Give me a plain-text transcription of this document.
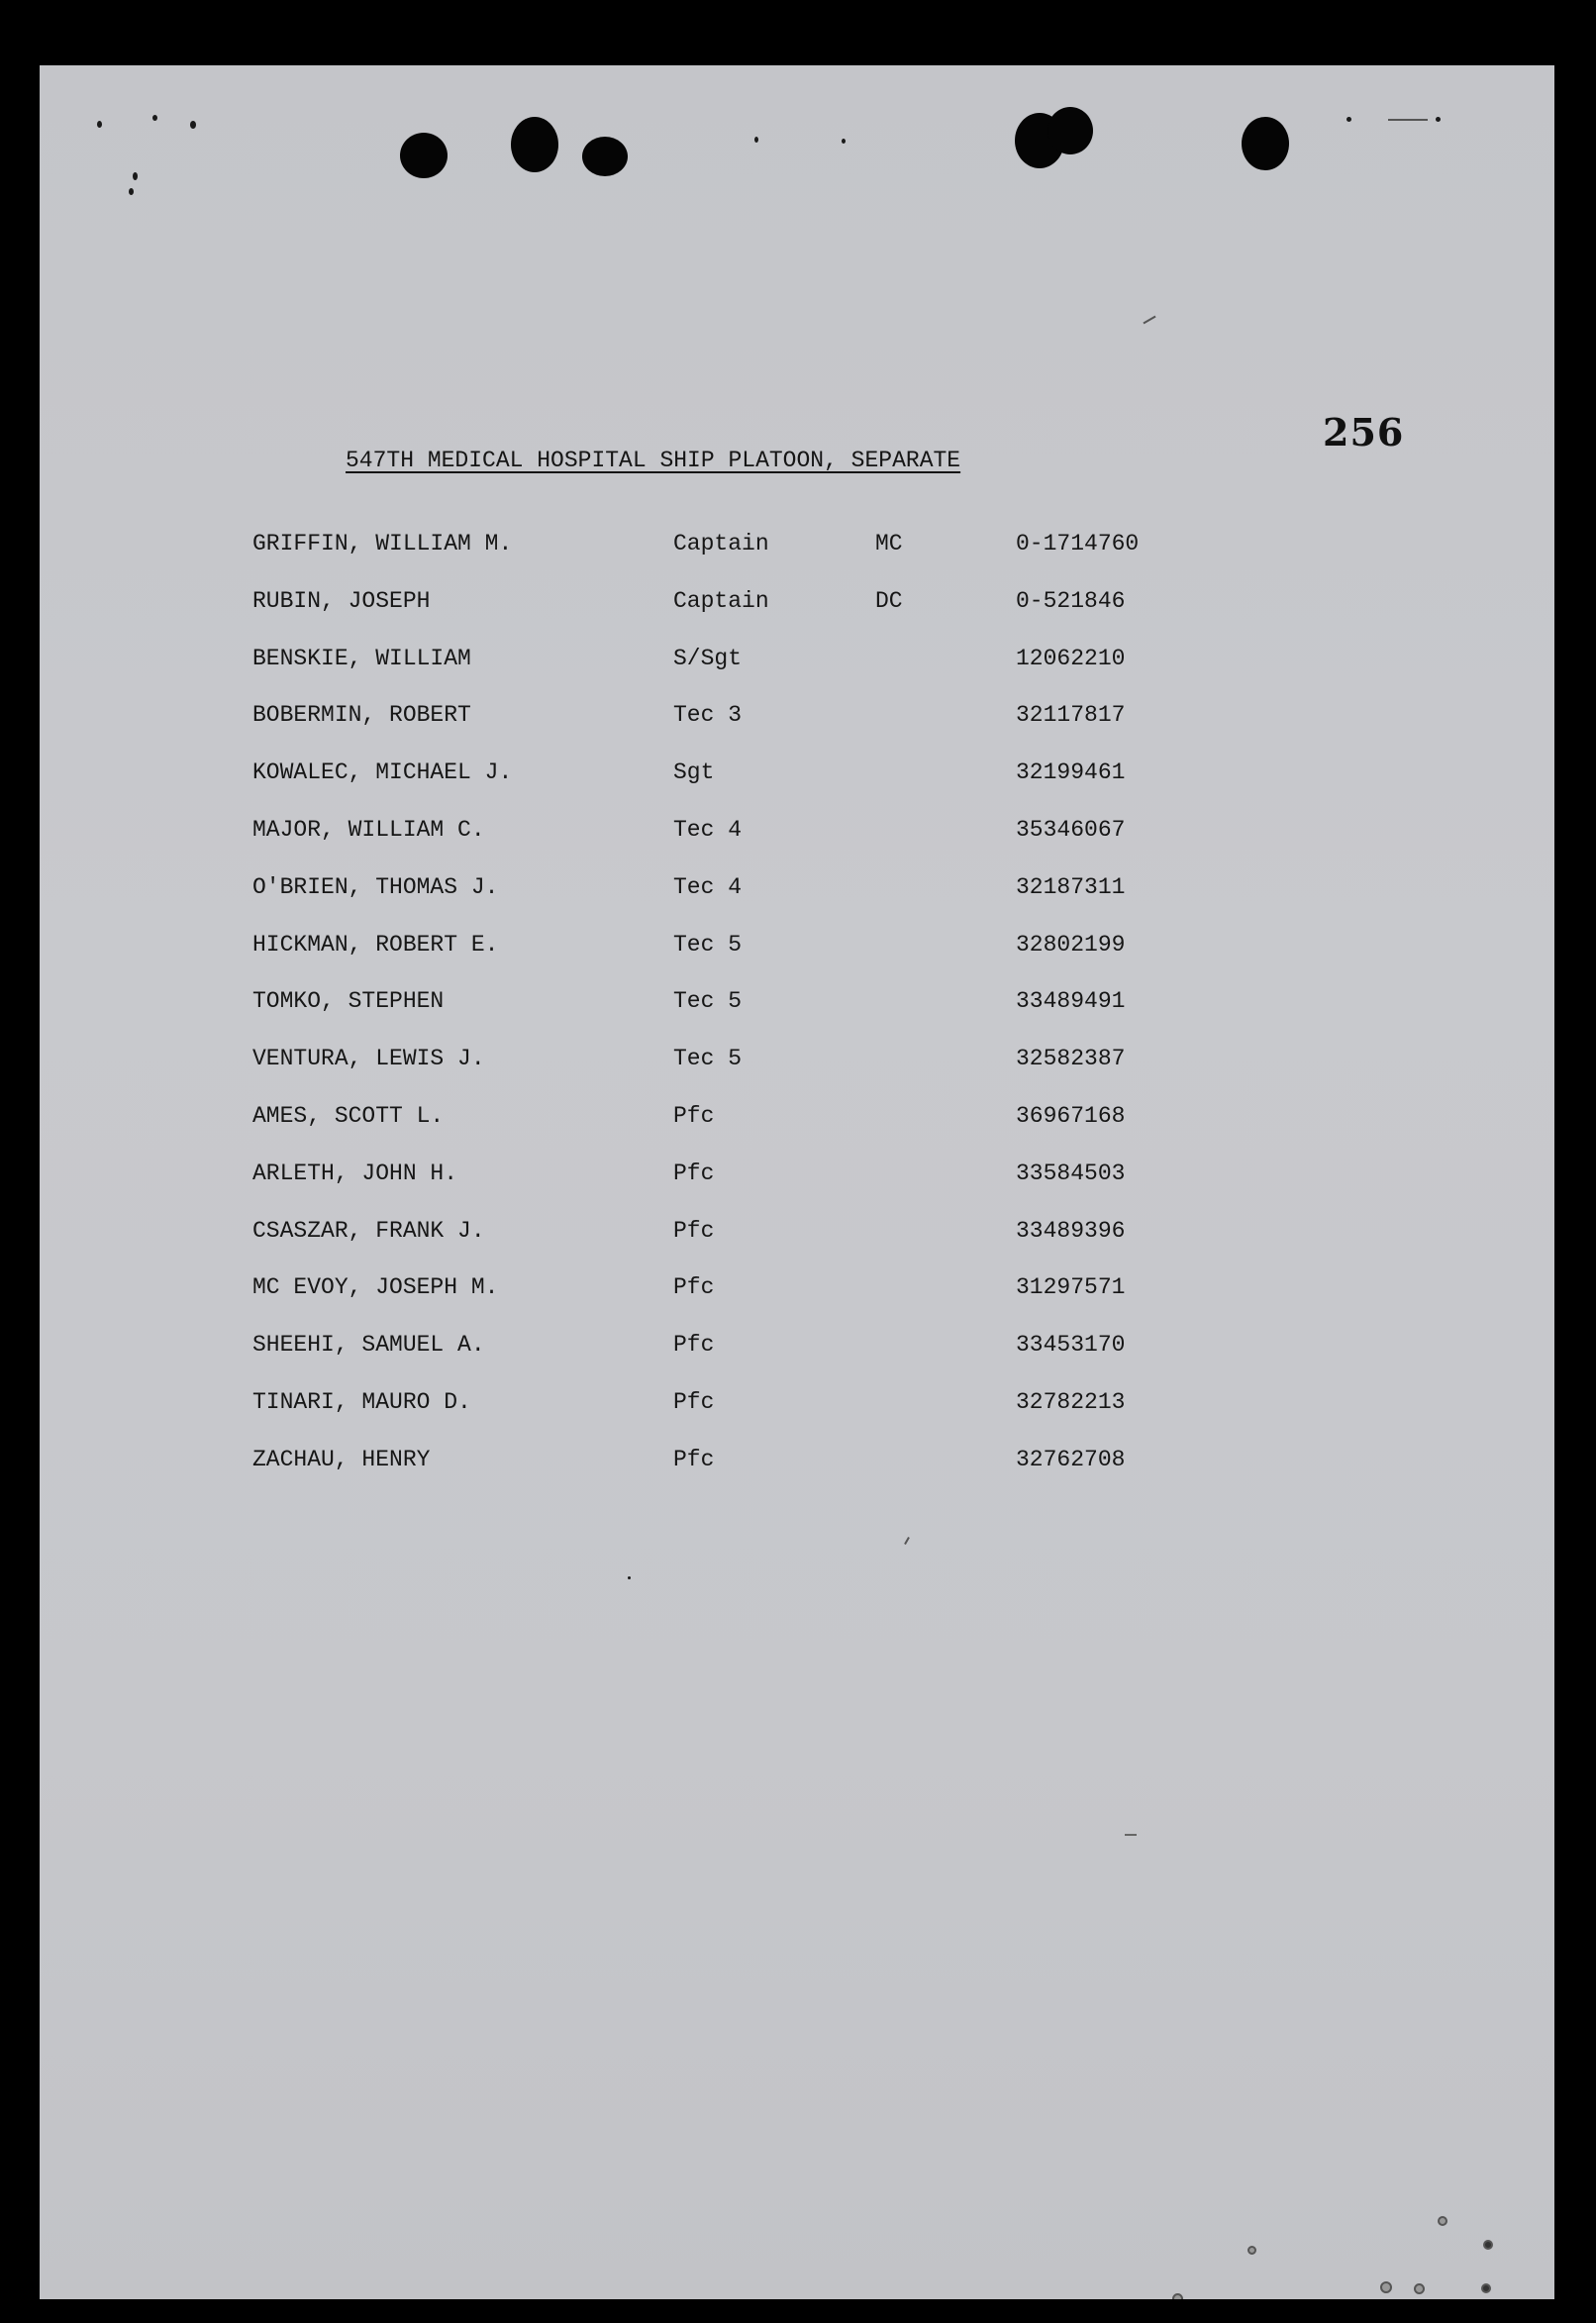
256
547TH MEDICAL HOSPITAL SHIP PLATOON, SEPARATE
GRIFFIN, WILLIAM M.	Captain	MC	0-1714760
RUBIN, JOSEPH	Captain	DC	0-521846
BENSKIE, WILLIAM	S/Sgt	12062210
BOBERMIN, ROBERT	Tec 3	32117817
KOWALEC, MICHAEL J.	Sgt	32199461
MAJOR, WILLIAM C.	Tec 4	35346067
O'BRIEN, THOMAS J.	Tec 4	32187311
HICKMAN, ROBERT E.	Tec 5	32802199
TOMKO, STEPHEN	Tec 5	33489491
VENTURA, LEWIS J.	Tec 5	32582387
AMES, SCOTT L.	Pfc	36967168
ARLETH, JOHN H.	Pfc	33584503
CSASZAR, FRANK J.	Pfc	33489396
MC EVOY, JOSEPH M.	Pfc	31297571
SHEEHI, SAMUEL A.	Pfc	33453170
TINARI, MAURO D.	Pfc	32782213
ZACHAU, HENRY	Pfc	32762708
